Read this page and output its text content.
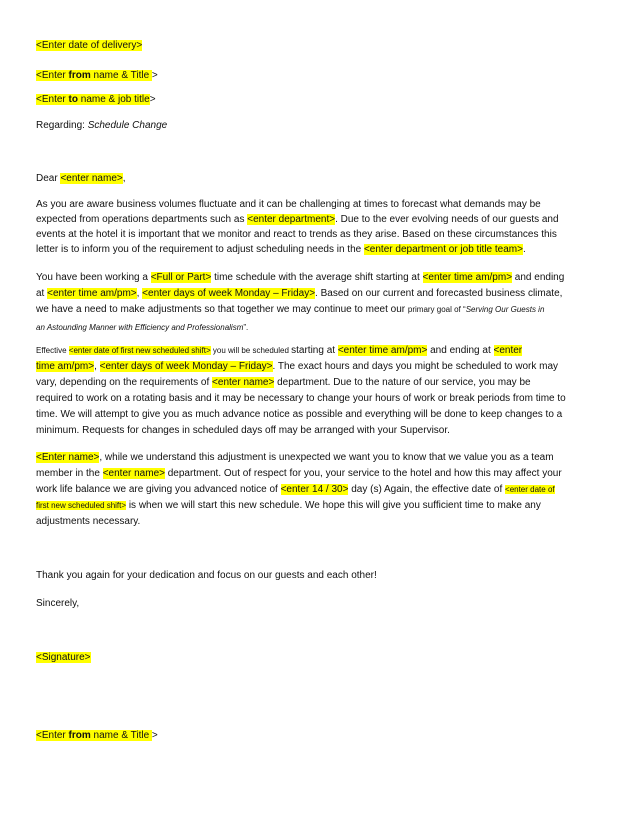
<Enter date of delivery>
<Enter from name & Title >
<Enter to name & job title>
Regarding: Schedule Change
Dear <enter name>,
As you are aware business volumes fluctuate and it can be challenging at times to forecast what demands may be
expected from operations departments such as <enter department>. Due to the ever evolving needs of our guests and
events at the hotel it is important that we monitor and react to trends as they arise. Based on these circumstances this
letter is to inform you of the requirement to adjust scheduling needs in the <enter department or job title team>.
You have been working a <Full or Part> time schedule with the average shift starting at <enter time am/pm> and ending
at <enter time am/pm>, <enter days of week Monday – Friday>. Based on our current and forecasted business climate,
we have a need to make adjustments so that together we may continue to meet our primary goal of “Serving Our Guests in
an Astounding Manner with Efficiency and Professionalism”.
Effective <enter date of first new scheduled shift> you will be scheduled starting at <enter time am/pm> and ending at <enter
time am/pm>, <enter days of week Monday – Friday>. The exact hours and days you might be scheduled to work may
vary, depending on the requirements of <enter name> department. Due to the nature of our service, you may be
required to work on a rotating basis and it may be necessary to change your hours of work or break periods from time to
time. We will attempt to give you as much advance notice as possible and everything will be done to keep changes to a
minimum. Requests for changes in scheduled days off may be arranged with your Supervisor.
<Enter name>, while we understand this adjustment is unexpected we want you to know that we value you as a team
member in the <enter name> department. Out of respect for you, your service to the hotel and how this may affect your
work life balance we are giving you advanced notice of <enter 14 / 30> day (s) Again, the effective date of <enter date of
first new scheduled shift> is when we will start this new schedule. We hope this will give you sufficient time to make any
adjustments necessary.
Thank you again for your dedication and focus on our guests and each other!
Sincerely,
<Signature>
<Enter from name & Title >
